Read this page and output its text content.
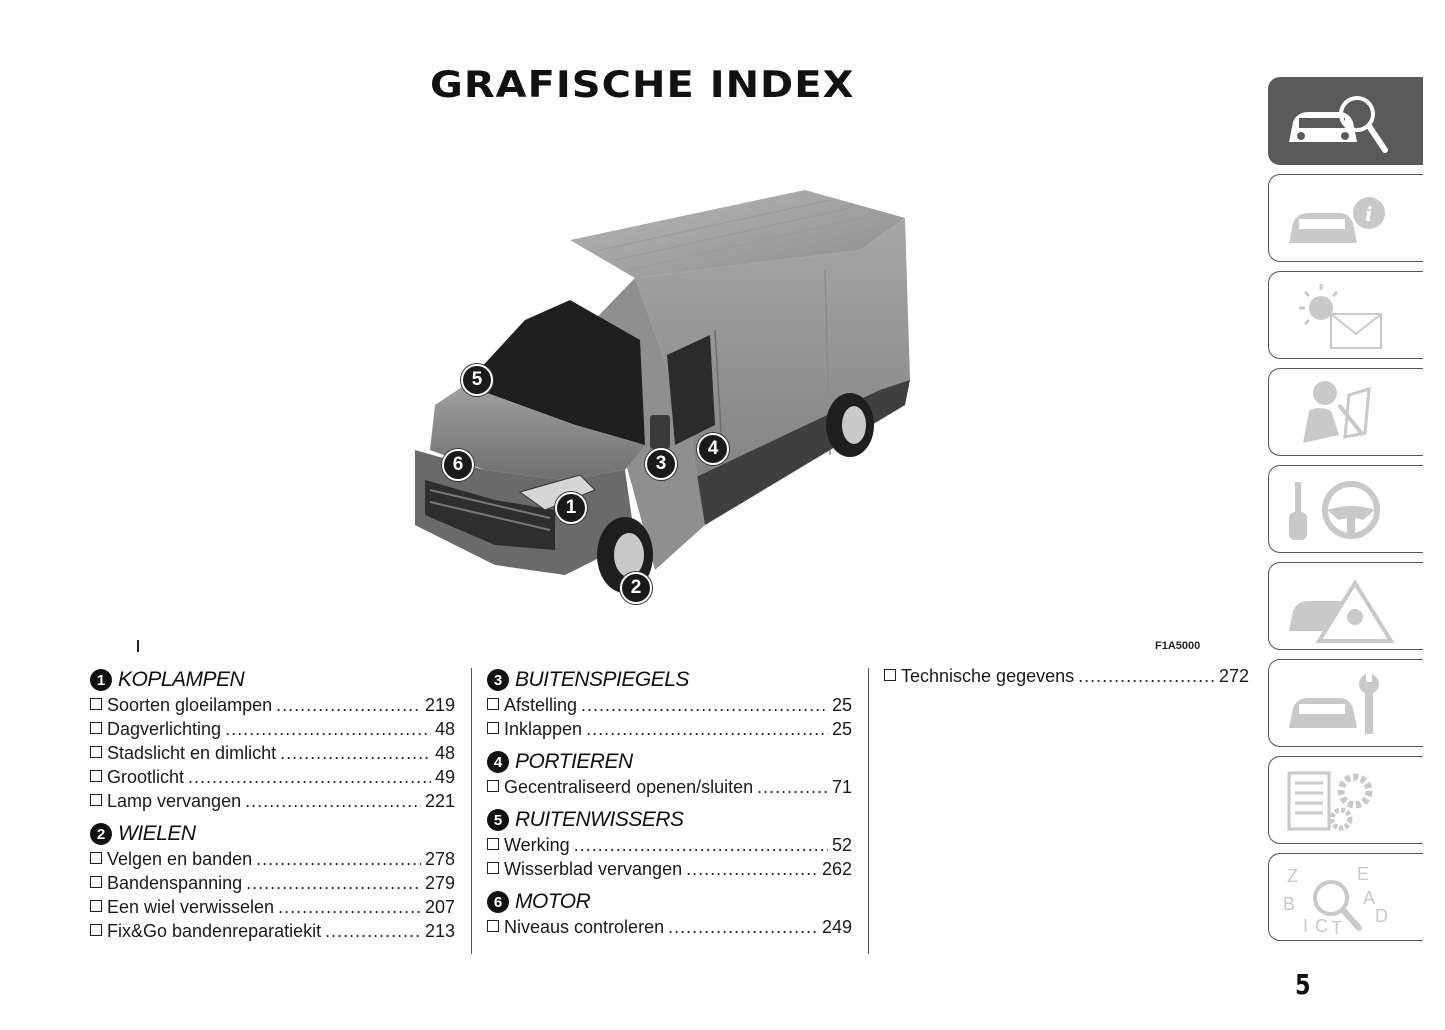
GRAFISCHE INDEX
1
2
3
4
5
6
F1A5000
1 KOPLAMPEN
Soorten gloeilampen .....	219
Dagverlichting .....	48
Stadslicht en dimlicht .....	48
Grootlicht .....	49
Lamp vervangen .....	221
2 WIELEN
Velgen en banden .....	278
Bandenspanning .....	279
Een wiel verwisselen .....	207
Fix&Go bandenreparatiekit .....	213
3 BUITENSPIEGELS
Afstelling .....	25
Inklappen .....	25
4 PORTIEREN
Gecentraliseerd openen/sluiten .....	71
5 RUITENWISSERS
Werking .....	52
Wisserblad vervangen .....	262
6 MOTOR
Niveaus controleren .....	249
Technische gegevens .....	272
i
Z	E
A
B
C T
D
I
5
